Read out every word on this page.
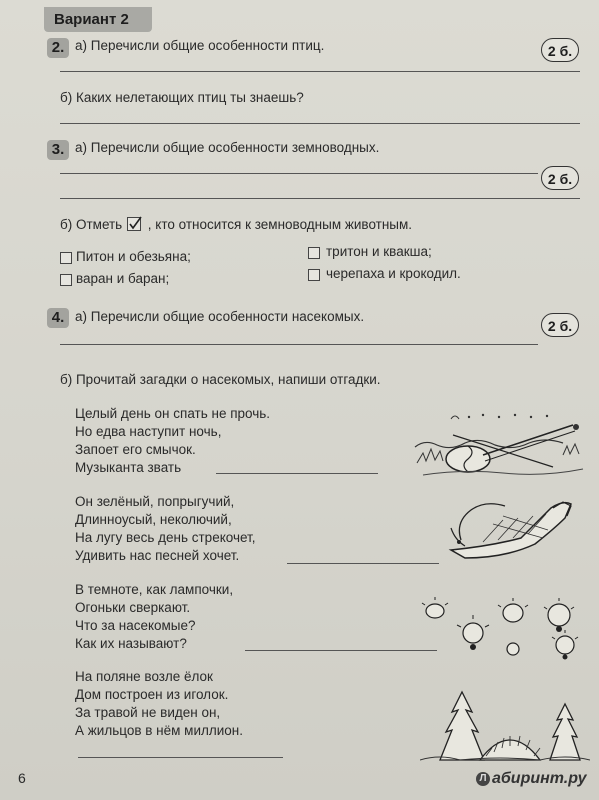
Вариант 2
2. а) Перечисли общие особенности птиц.	2 б.
б) Каких нелетающих птиц ты знаешь?
3. а) Перечисли общие особенности земноводных.
2 б.
б) Отметь , кто относится к земноводным животным.
Питон и обезьяна;
варан и баран;
тритон и квакша;
черепаха и крокодил.
4. а) Перечисли общие особенности насекомых.
2 б.
б) Прочитай загадки о насекомых, напиши отгадки.
Целый день он спать не прочь.
Но едва наступит ночь,
Запоет его смычок.
Музыканта звать
Он зелёный, попрыгучий,
Длинноусый, неколючий,
На лугу весь день стрекочет,
Удивить нас песней хочет.
В темноте, как лампочки,
Огоньки сверкают.
Что за насекомые?
Как их называют?
На поляне возле ёлок
Дом построен из иголок.
За травой не виден он,
А жильцов в нём миллион.
6	Л абиринт.ру
